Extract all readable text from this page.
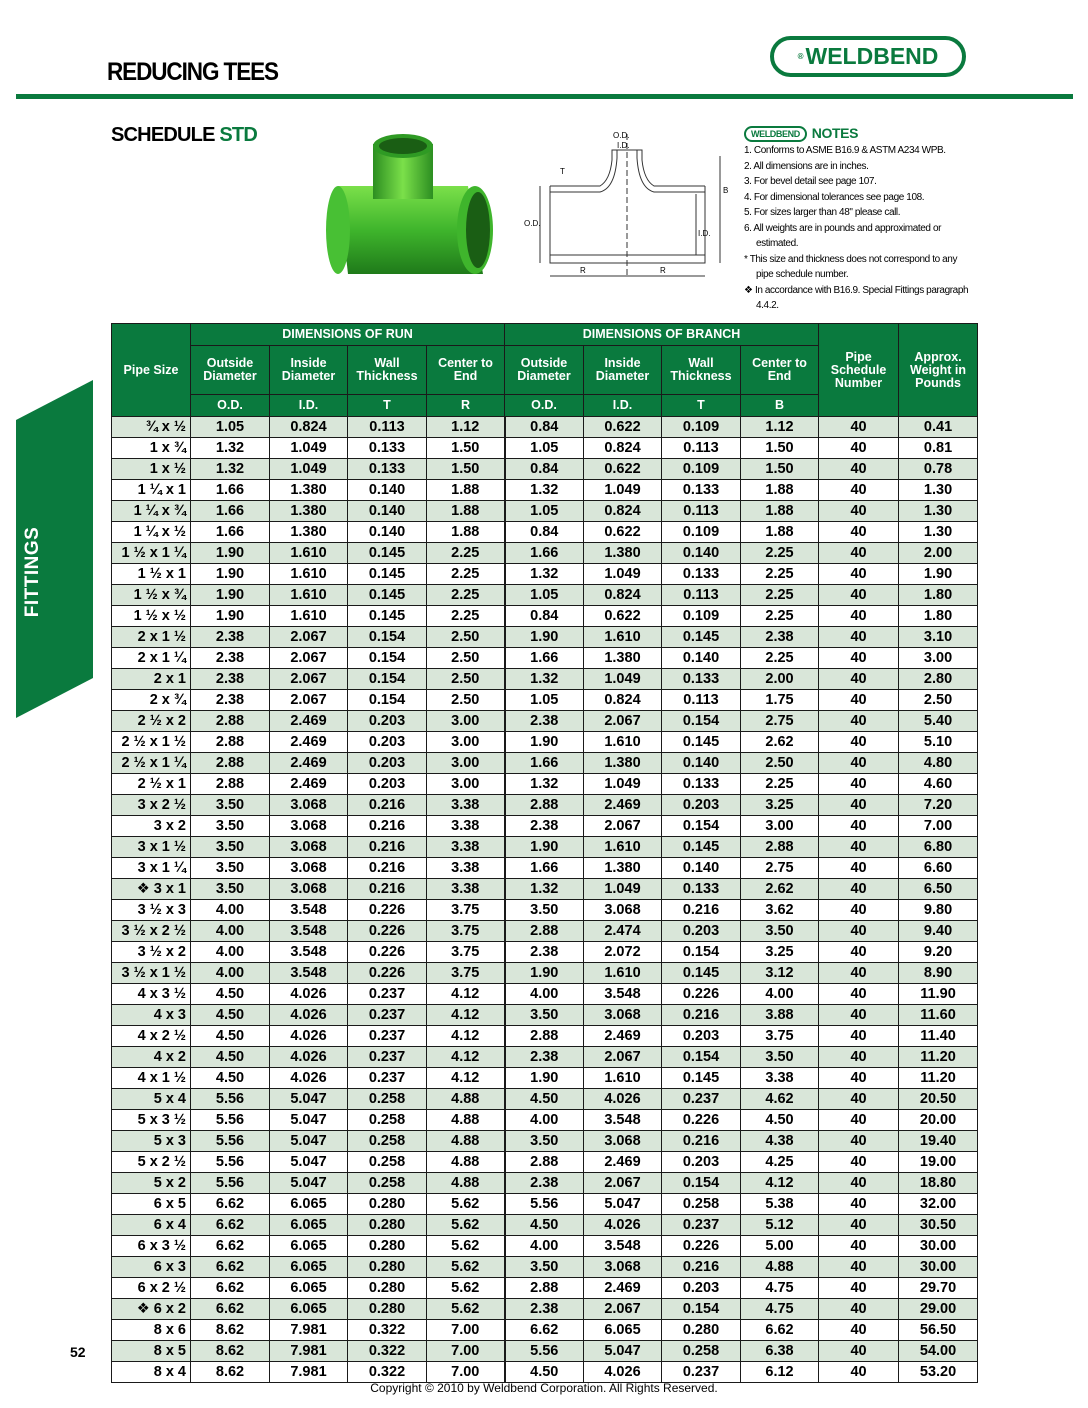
REDUCING TEES
® WELDBEND
SCHEDULE STD
FITTINGS
O.D.
I.D.
T
B
O.D.
I.D.
R	R
WELDBEND NOTES
1. Conforms to ASME B16.9 & ASTM A234 WPB.
2. All dimensions are in inches.
3. For bevel detail see page 107.
4. For dimensional tolerances see page 108.
5. For sizes larger than 48" please call.
6. All weights are in pounds and approximated or estimated.
* This size and thickness does not correspond to any pipe schedule number.
❖ In accordance with B16.9. Special Fittings paragraph 4.4.2.
Pipe Size	DIMENSIONS OF RUN				DIMENSIONS OF BRANCH				Pipe Schedule Number	Approx. Weight in Pounds
	Outside Diameter	Inside Diameter	Wall Thickness	Center to End	Outside Diameter	Inside Diameter	Wall Thickness	Center to End		
	O.D.	I.D.	T	R	O.D.	I.D.	T	B		
¾ x ½	1.05	0.824	0.113	1.12	0.84	0.622	0.109	1.12	40	0.41
1 x ¾	1.32	1.049	0.133	1.50	1.05	0.824	0.113	1.50	40	0.81
1 x ½	1.32	1.049	0.133	1.50	0.84	0.622	0.109	1.50	40	0.78
1 ¼ x 1	1.66	1.380	0.140	1.88	1.32	1.049	0.133	1.88	40	1.30
1 ¼ x ¾	1.66	1.380	0.140	1.88	1.05	0.824	0.113	1.88	40	1.30
1 ¼ x ½	1.66	1.380	0.140	1.88	0.84	0.622	0.109	1.88	40	1.30
1 ½ x 1 ¼	1.90	1.610	0.145	2.25	1.66	1.380	0.140	2.25	40	2.00
1 ½ x 1	1.90	1.610	0.145	2.25	1.32	1.049	0.133	2.25	40	1.90
1 ½ x ¾	1.90	1.610	0.145	2.25	1.05	0.824	0.113	2.25	40	1.80
1 ½ x ½	1.90	1.610	0.145	2.25	0.84	0.622	0.109	2.25	40	1.80
2 x 1 ½	2.38	2.067	0.154	2.50	1.90	1.610	0.145	2.38	40	3.10
2 x 1 ¼	2.38	2.067	0.154	2.50	1.66	1.380	0.140	2.25	40	3.00
2 x 1	2.38	2.067	0.154	2.50	1.32	1.049	0.133	2.00	40	2.80
2 x ¾	2.38	2.067	0.154	2.50	1.05	0.824	0.113	1.75	40	2.50
2 ½ x 2	2.88	2.469	0.203	3.00	2.38	2.067	0.154	2.75	40	5.40
2 ½ x 1 ½	2.88	2.469	0.203	3.00	1.90	1.610	0.145	2.62	40	5.10
2 ½ x 1 ¼	2.88	2.469	0.203	3.00	1.66	1.380	0.140	2.50	40	4.80
2 ½ x 1	2.88	2.469	0.203	3.00	1.32	1.049	0.133	2.25	40	4.60
3 x 2 ½	3.50	3.068	0.216	3.38	2.88	2.469	0.203	3.25	40	7.20
3 x 2	3.50	3.068	0.216	3.38	2.38	2.067	0.154	3.00	40	7.00
3 x 1 ½	3.50	3.068	0.216	3.38	1.90	1.610	0.145	2.88	40	6.80
3 x 1 ¼	3.50	3.068	0.216	3.38	1.66	1.380	0.140	2.75	40	6.60
❖ 3 x 1	3.50	3.068	0.216	3.38	1.32	1.049	0.133	2.62	40	6.50
3 ½ x 3	4.00	3.548	0.226	3.75	3.50	3.068	0.216	3.62	40	9.80
3 ½ x 2 ½	4.00	3.548	0.226	3.75	2.88	2.474	0.203	3.50	40	9.40
3 ½ x 2	4.00	3.548	0.226	3.75	2.38	2.072	0.154	3.25	40	9.20
3 ½ x 1 ½	4.00	3.548	0.226	3.75	1.90	1.610	0.145	3.12	40	8.90
4 x 3 ½	4.50	4.026	0.237	4.12	4.00	3.548	0.226	4.00	40	11.90
4 x 3	4.50	4.026	0.237	4.12	3.50	3.068	0.216	3.88	40	11.60
4 x 2 ½	4.50	4.026	0.237	4.12	2.88	2.469	0.203	3.75	40	11.40
4 x 2	4.50	4.026	0.237	4.12	2.38	2.067	0.154	3.50	40	11.20
4 x 1 ½	4.50	4.026	0.237	4.12	1.90	1.610	0.145	3.38	40	11.20
5 x 4	5.56	5.047	0.258	4.88	4.50	4.026	0.237	4.62	40	20.50
5 x 3 ½	5.56	5.047	0.258	4.88	4.00	3.548	0.226	4.50	40	20.00
5 x 3	5.56	5.047	0.258	4.88	3.50	3.068	0.216	4.38	40	19.40
5 x 2 ½	5.56	5.047	0.258	4.88	2.88	2.469	0.203	4.25	40	19.00
5 x 2	5.56	5.047	0.258	4.88	2.38	2.067	0.154	4.12	40	18.80
6 x 5	6.62	6.065	0.280	5.62	5.56	5.047	0.258	5.38	40	32.00
6 x 4	6.62	6.065	0.280	5.62	4.50	4.026	0.237	5.12	40	30.50
6 x 3 ½	6.62	6.065	0.280	5.62	4.00	3.548	0.226	5.00	40	30.00
6 x 3	6.62	6.065	0.280	5.62	3.50	3.068	0.216	4.88	40	30.00
6 x 2 ½	6.62	6.065	0.280	5.62	2.88	2.469	0.203	4.75	40	29.70
❖ 6 x 2	6.62	6.065	0.280	5.62	2.38	2.067	0.154	4.75	40	29.00
8 x 6	8.62	7.981	0.322	7.00	6.62	6.065	0.280	6.62	40	56.50
8 x 5	8.62	7.981	0.322	7.00	5.56	5.047	0.258	6.38	40	54.00
8 x 4	8.62	7.981	0.322	7.00	4.50	4.026	0.237	6.12	40	53.20
52
Copyright © 2010 by Weldbend Corporation. All Rights Reserved.
